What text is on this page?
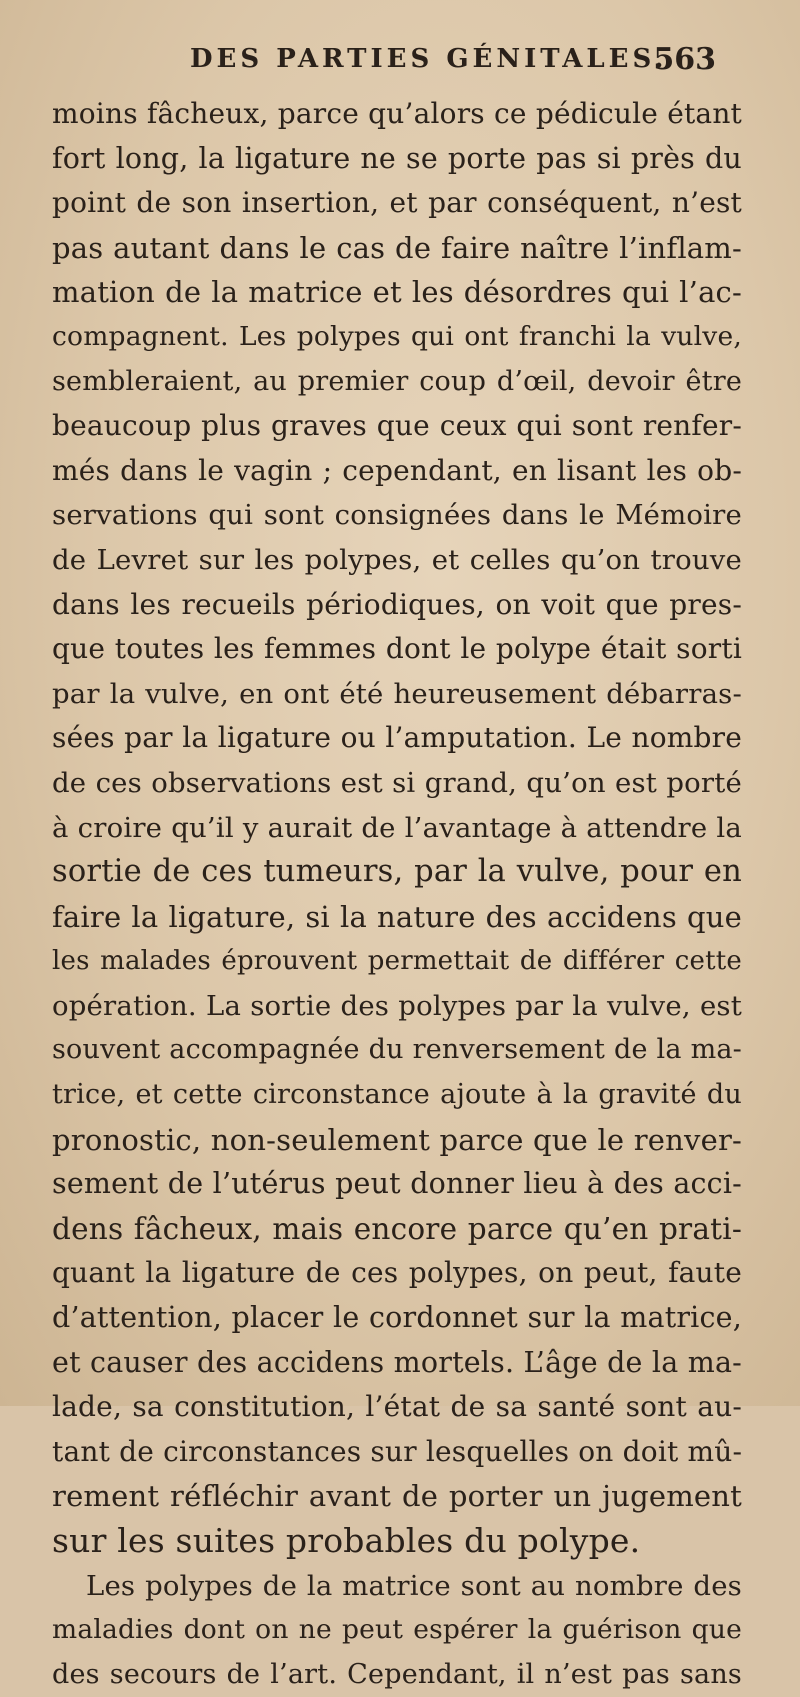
DES PARTIES GÉNITALES.
563
moins fâcheux, parce qu’alors ce pédicule étant
fort long, la ligature ne se porte pas si près du
point de son insertion, et par conséquent, n’est
pas autant dans le cas de faire naître l’inflam-
mation de la matrice et les désordres qui l’ac-
compagnent. Les polypes qui ont franchi la vulve,
sembleraient, au premier coup d’œil, devoir être
beaucoup plus graves que ceux qui sont renfer-
més dans le vagin ; cependant, en lisant les ob-
servations qui sont consignées dans le Mémoire
de Levret sur les polypes, et celles qu’on trouve
dans les recueils périodiques, on voit que pres-
que toutes les femmes dont le polype était sorti
par la vulve, en ont été heureusement débarras-
sées par la ligature ou l’amputation. Le nombre
de ces observations est si grand, qu’on est porté
à croire qu’il y aurait de l’avantage à attendre la
sortie de ces tumeurs, par la vulve, pour en
faire la ligature, si la nature des accidens que
les malades éprouvent permettait de différer cette
opération. La sortie des polypes par la vulve, est
souvent accompagnée du renversement de la ma-
trice, et cette circonstance ajoute à la gravité du
pronostic, non-seulement parce que le renver-
sement de l’utérus peut donner lieu à des acci-
dens fâcheux, mais encore parce qu’en prati-
quant la ligature de ces polypes, on peut, faute
d’attention, placer le cordonnet sur la matrice,
et causer des accidens mortels. L’âge de la ma-
lade, sa constitution, l’état de sa santé sont au-
tant de circonstances sur lesquelles on doit mû-
rement réfléchir avant de porter un jugement
sur les suites probables du polype.
Les polypes de la matrice sont au nombre des
maladies dont on ne peut espérer la guérison que
des secours de l’art. Cependant, il n’est pas sans
